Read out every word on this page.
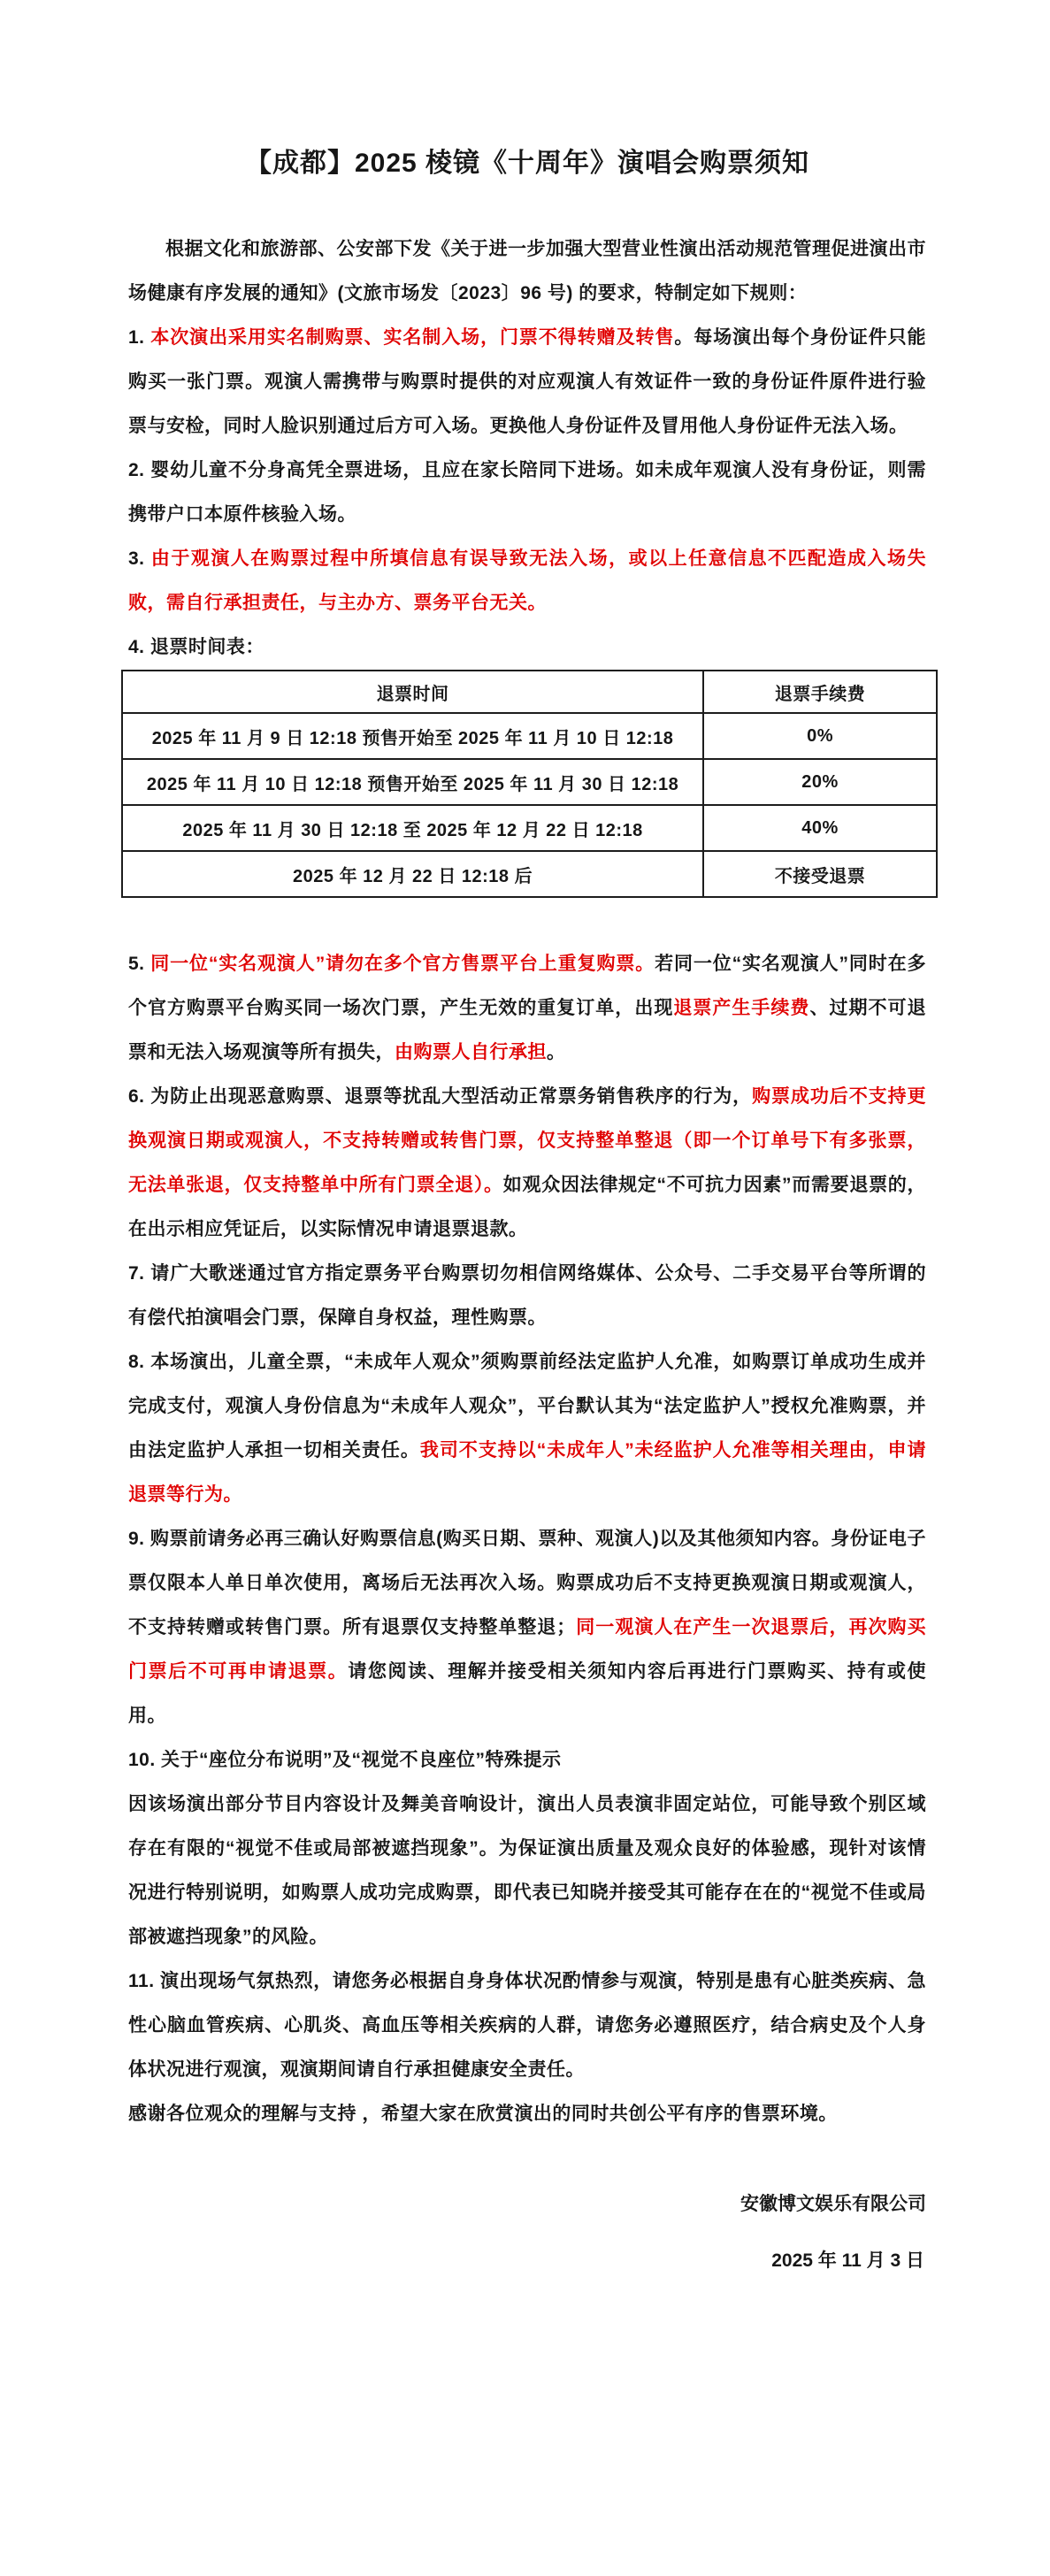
【成都】2025 棱镜《十周年》演唱会购票须知

根据文化和旅游部、公安部下发《关于进一步加强大型营业性演出活动规范管理促进演出市场健康有序发展的通知》(文旅市场发〔2023〕96 号) 的要求，特制定如下规则：

1. 本次演出采用实名制购票、实名制入场，门票不得转赠及转售。每场演出每个身份证件只能购买一张门票。观演人需携带与购票时提供的对应观演人有效证件一致的身份证件原件进行验票与安检，同时人脸识别通过后方可入场。更换他人身份证件及冒用他人身份证件无法入场。

2. 婴幼儿童不分身高凭全票进场，且应在家长陪同下进场。如未成年观演人没有身份证，则需携带户口本原件核验入场。

3. 由于观演人在购票过程中所填信息有误导致无法入场，或以上任意信息不匹配造成入场失败，需自行承担责任，与主办方、票务平台无关。

4. 退票时间表：

退票时间	退票手续费
2025 年 11 月 9 日 12:18 预售开始至 2025 年 11 月 10 日 12:18	0%
2025 年 11 月 10 日 12:18 预售开始至 2025 年 11 月 30 日 12:18	20%
2025 年 11 月 30 日 12:18 至 2025 年 12 月 22 日 12:18	40%
2025 年 12 月 22 日 12:18 后	不接受退票

5. 同一位“实名观演人”请勿在多个官方售票平台上重复购票。若同一位“实名观演人”同时在多个官方购票平台购买同一场次门票，产生无效的重复订单，出现退票产生手续费、过期不可退票和无法入场观演等所有损失，由购票人自行承担。

6. 为防止出现恶意购票、退票等扰乱大型活动正常票务销售秩序的行为，购票成功后不支持更换观演日期或观演人，不支持转赠或转售门票，仅支持整单整退（即一个订单号下有多张票，无法单张退，仅支持整单中所有门票全退）。如观众因法律规定“不可抗力因素”而需要退票的，在出示相应凭证后，以实际情况申请退票退款。

7. 请广大歌迷通过官方指定票务平台购票切勿相信网络媒体、公众号、二手交易平台等所谓的有偿代拍演唱会门票，保障自身权益，理性购票。

8. 本场演出，儿童全票，“未成年人观众”须购票前经法定监护人允准，如购票订单成功生成并完成支付，观演人身份信息为“未成年人观众”，平台默认其为“法定监护人”授权允准购票，并由法定监护人承担一切相关责任。我司不支持以“未成年人”未经监护人允准等相关理由，申请退票等行为。

9. 购票前请务必再三确认好购票信息(购买日期、票种、观演人)以及其他须知内容。身份证电子票仅限本人单日单次使用，离场后无法再次入场。购票成功后不支持更换观演日期或观演人，不支持转赠或转售门票。所有退票仅支持整单整退；同一观演人在产生一次退票后，再次购买门票后不可再申请退票。请您阅读、理解并接受相关须知内容后再进行门票购买、持有或使用。

10. 关于“座位分布说明”及“视觉不良座位”特殊提示

因该场演出部分节目内容设计及舞美音响设计，演出人员表演非固定站位，可能导致个别区域存在有限的“视觉不佳或局部被遮挡现象”。为保证演出质量及观众良好的体验感，现针对该情况进行特别说明，如购票人成功完成购票，即代表已知晓并接受其可能存在在的“视觉不佳或局部被遮挡现象”的风险。

11. 演出现场气氛热烈，请您务必根据自身身体状况酌情参与观演，特别是患有心脏类疾病、急性心脑血管疾病、心肌炎、高血压等相关疾病的人群，请您务必遵照医疗，结合病史及个人身体状况进行观演，观演期间请自行承担健康安全责任。

感谢各位观众的理解与支持 ，希望大家在欣赏演出的同时共创公平有序的售票环境。

安徽博文娱乐有限公司
2025 年 11 月 3 日
